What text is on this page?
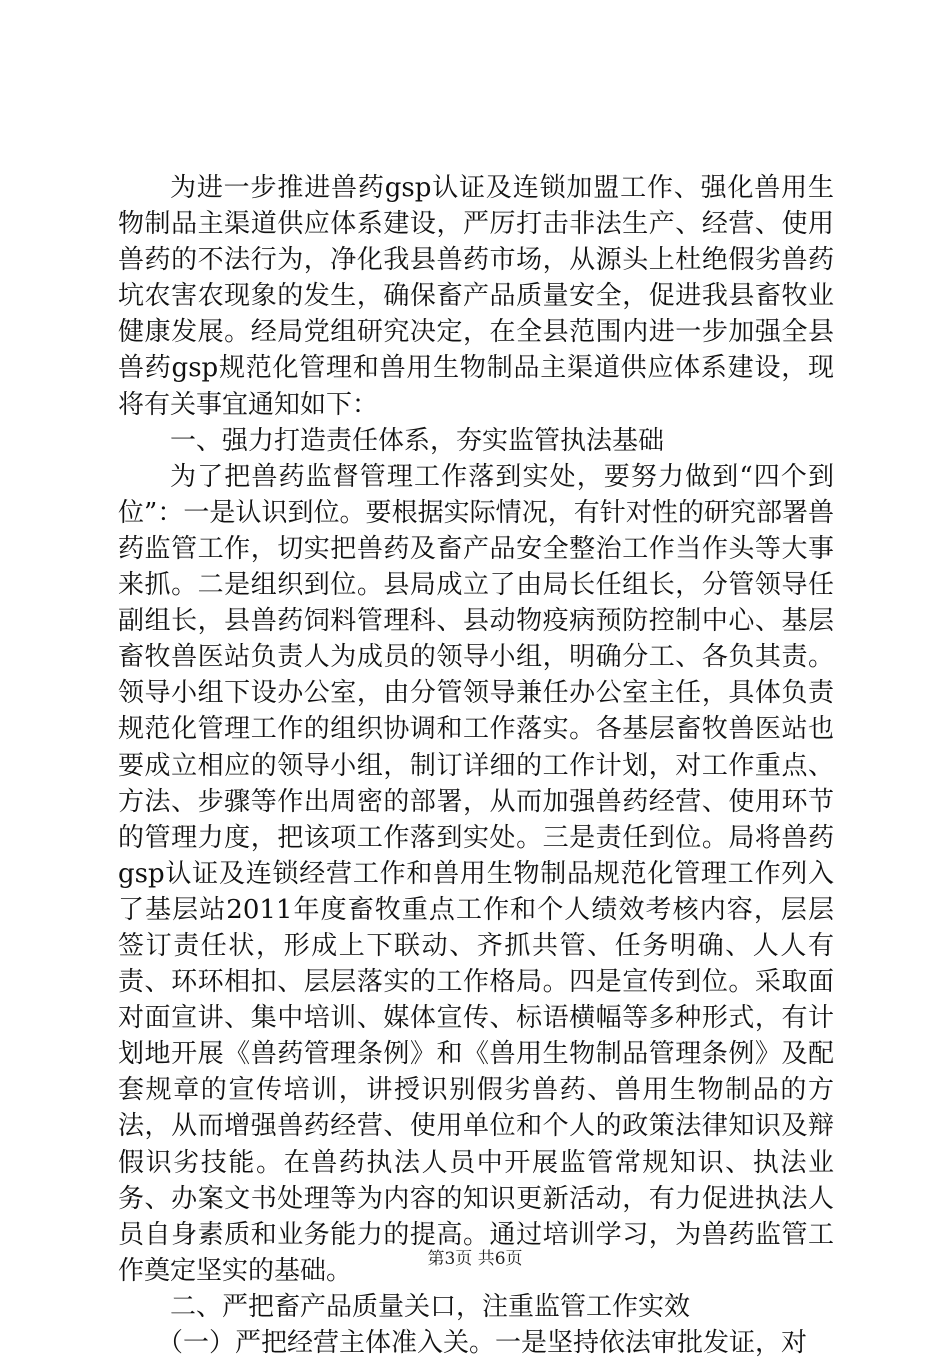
为进一步推进兽药gsp认证及连锁加盟工作、强化兽用生物制品主渠道供应体系建设，严厉打击非法生产、经营、使用兽药的不法行为，净化我县兽药市场，从源头上杜绝假劣兽药坑农害农现象的发生，确保畜产品质量安全，促进我县畜牧业健康发展。经局党组研究决定，在全县范围内进一步加强全县兽药gsp规范化管理和兽用生物制品主渠道供应体系建设，现将有关事宜通知如下：

一、强力打造责任体系，夯实监管执法基础

为了把兽药监督管理工作落到实处，要努力做到“四个到位”：一是认识到位。要根据实际情况，有针对性的研究部署兽药监管工作，切实把兽药及畜产品安全整治工作当作头等大事来抓。二是组织到位。县局成立了由局长任组长，分管领导任副组长，县兽药饲料管理科、县动物疫病预防控制中心、基层畜牧兽医站负责人为成员的领导小组，明确分工、各负其责。领导小组下设办公室，由分管领导兼任办公室主任，具体负责规范化管理工作的组织协调和工作落实。各基层畜牧兽医站也要成立相应的领导小组，制订详细的工作计划，对工作重点、方法、步骤等作出周密的部署，从而加强兽药经营、使用环节的管理力度，把该项工作落到实处。三是责任到位。局将兽药gsp认证及连锁经营工作和兽用生物制品规范化管理工作列入了基层站2011年度畜牧重点工作和个人绩效考核内容，层层签订责任状，形成上下联动、齐抓共管、任务明确、人人有责、环环相扣、层层落实的工作格局。四是宣传到位。采取面对面宣讲、集中培训、媒体宣传、标语横幅等多种形式，有计划地开展《兽药管理条例》和《兽用生物制品管理条例》及配套规章的宣传培训，讲授识别假劣兽药、兽用生物制品的方法，从而增强兽药经营、使用单位和个人的政策法律知识及辩假识劣技能。在兽药执法人员中开展监管常规知识、执法业务、办案文书处理等为内容的知识更新活动，有力促进执法人员自身素质和业务能力的提高。通过培训学习，为兽药监管工作奠定坚实的基础。

二、严把畜产品质量关口，注重监管工作实效

（一）严把经营主体准入关。一是坚持依法审批发证，对

第3页 共6页
